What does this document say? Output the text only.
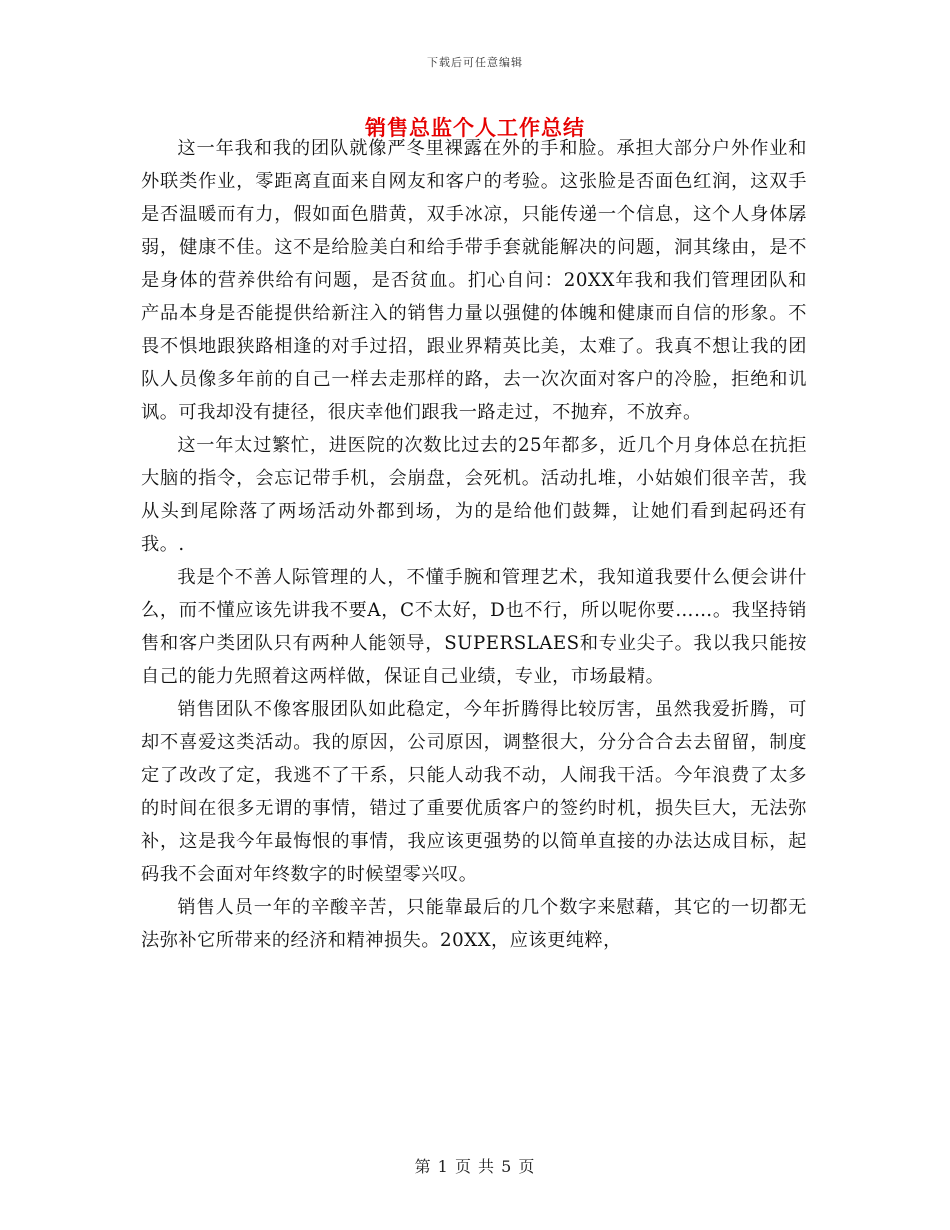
下载后可任意编辑
销售总监个人工作总结

这一年我和我的团队就像严冬里裸露在外的手和脸。承担大部分户外作业和外联类作业，零距离直面来自网友和客户的考验。这张脸是否面色红润，这双手是否温暖而有力，假如面色腊黄，双手冰凉，只能传递一个信息，这个人身体孱弱，健康不佳。这不是给脸美白和给手带手套就能解决的问题，洞其缘由，是不是身体的营养供给有问题，是否贫血。扪心自问：20XX年我和我们管理团队和产品本身是否能提供给新注入的销售力量以强健的体魄和健康而自信的形象。不畏不惧地跟狭路相逢的对手过招，跟业界精英比美，太难了。我真不想让我的团队人员像多年前的自己一样去走那样的路，去一次次面对客户的冷脸，拒绝和讥讽。可我却没有捷径，很庆幸他们跟我一路走过，不抛弃，不放弃。

这一年太过繁忙，进医院的次数比过去的25年都多，近几个月身体总在抗拒大脑的指令，会忘记带手机，会崩盘，会死机。活动扎堆，小姑娘们很辛苦，我从头到尾除落了两场活动外都到场，为的是给他们鼓舞，让她们看到起码还有我。.

我是个不善人际管理的人，不懂手腕和管理艺术，我知道我要什么便会讲什么，而不懂应该先讲我不要A，C不太好，D也不行，所以呢你要……。我坚持销售和客户类团队只有两种人能领导，SUPERSLAES和专业尖子。我以我只能按自己的能力先照着这两样做，保证自己业绩，专业，市场最精。

销售团队不像客服团队如此稳定，今年折腾得比较厉害，虽然我爱折腾，可却不喜爱这类活动。我的原因，公司原因，调整很大，分分合合去去留留，制度定了改改了定，我逃不了干系，只能人动我不动，人闹我干活。今年浪费了太多的时间在很多无谓的事情，错过了重要优质客户的签约时机，损失巨大，无法弥补，这是我今年最悔恨的事情，我应该更强势的以简单直接的办法达成目标，起码我不会面对年终数字的时候望零兴叹。

销售人员一年的辛酸辛苦，只能靠最后的几个数字来慰藉，其它的一切都无法弥补它所带来的经济和精神损失。20XX，应该更纯粹，

第 1 页 共 5 页
